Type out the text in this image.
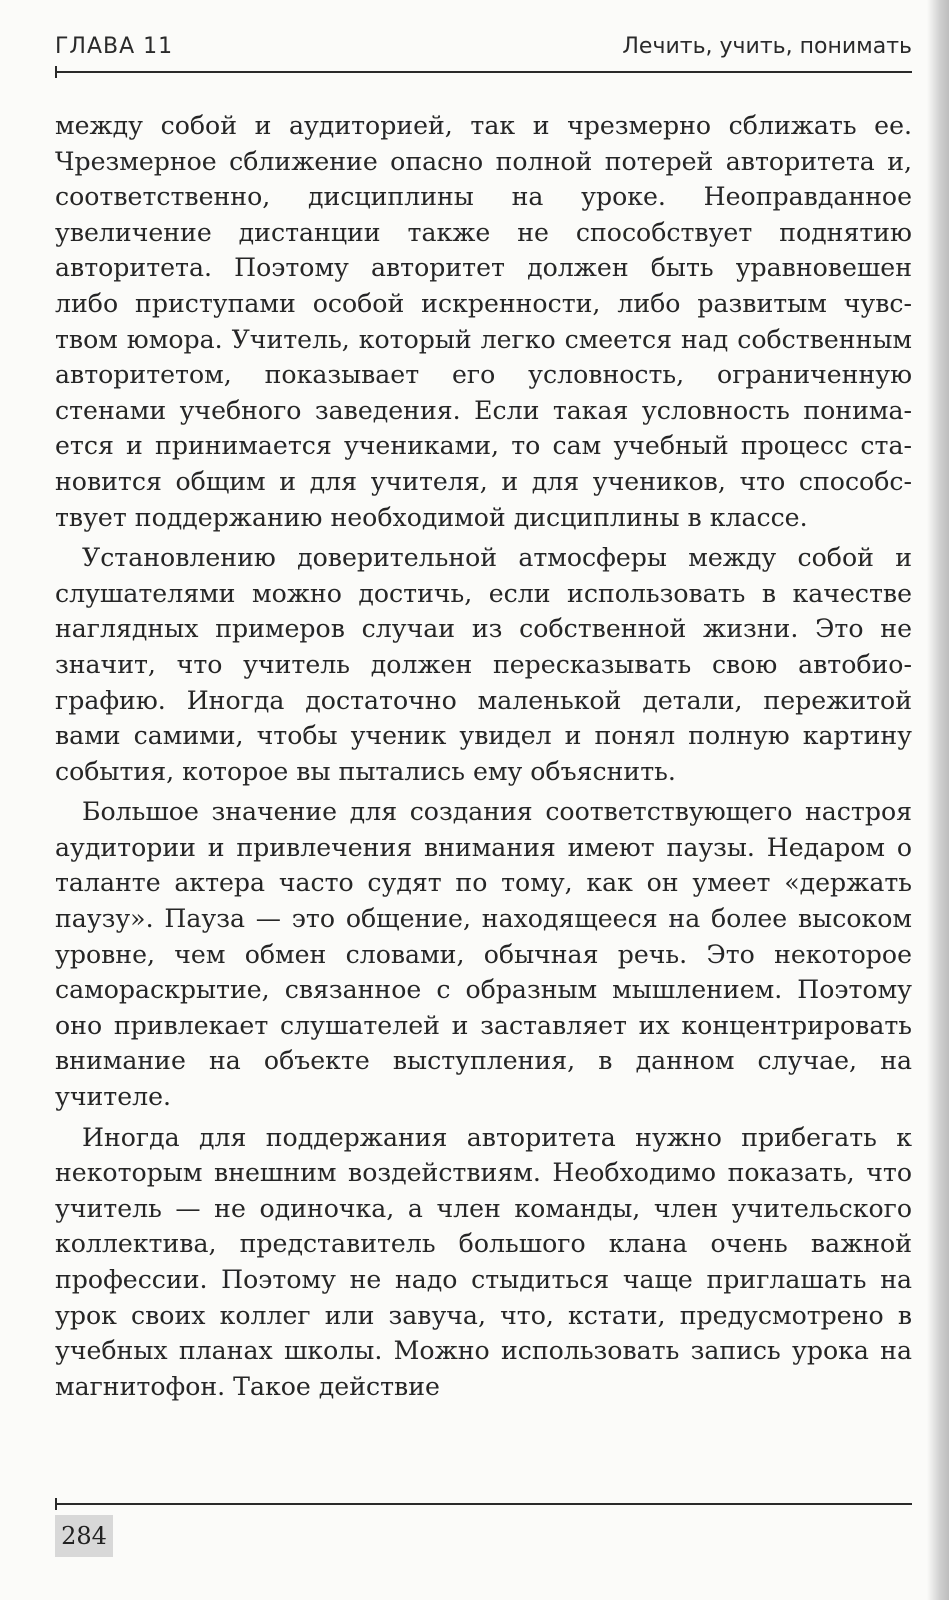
ГЛАВА 11	Лечить, учить, понимать

между собой и аудиторией, так и чрезмерно сближать ее. Чрезмерное сближение опасно полной потерей авторитета и, соответственно, дисциплины на уроке. Неоправданное увеличение дистанции также не способствует поднятию авторитета. Поэтому авторитет должен быть уравновешен либо приступами особой искренности, либо развитым чувством юмора. Учитель, который легко смеется над собственным авторитетом, показывает его условность, ограниченную стенами учебного заведения. Если такая условность понимается и принимается учениками, то сам учебный процесс становится общим и для учителя, и для учеников, что способствует поддержанию необходимой дисциплины в классе.

Установлению доверительной атмосферы между собой и слушателями можно достичь, если использовать в качестве наглядных примеров случаи из собственной жизни. Это не значит, что учитель должен пересказывать свою автобиографию. Иногда достаточно маленькой детали, пережитой вами самими, чтобы ученик увидел и понял полную картину события, которое вы пытались ему объяснить.

Большое значение для создания соответствующего настроя аудитории и привлечения внимания имеют паузы. Недаром о таланте актера часто судят по тому, как он умеет «держать паузу». Пауза — это общение, находящееся на более высоком уровне, чем обмен словами, обычная речь. Это некоторое самораскрытие, связанное с образным мышлением. Поэтому оно привлекает слушателей и заставляет их концентрировать внимание на объекте выступления, в данном случае, на учителе.

Иногда для поддержания авторитета нужно прибегать к некоторым внешним воздействиям. Необходимо показать, что учитель — не одиночка, а член команды, член учительского коллектива, представитель большого клана очень важной профессии. Поэтому не надо стыдиться чаще приглашать на урок своих коллег или завуча, что, кстати, предусмотрено в учебных планах школы. Можно использовать запись урока на магнитофон. Такое действие

284
